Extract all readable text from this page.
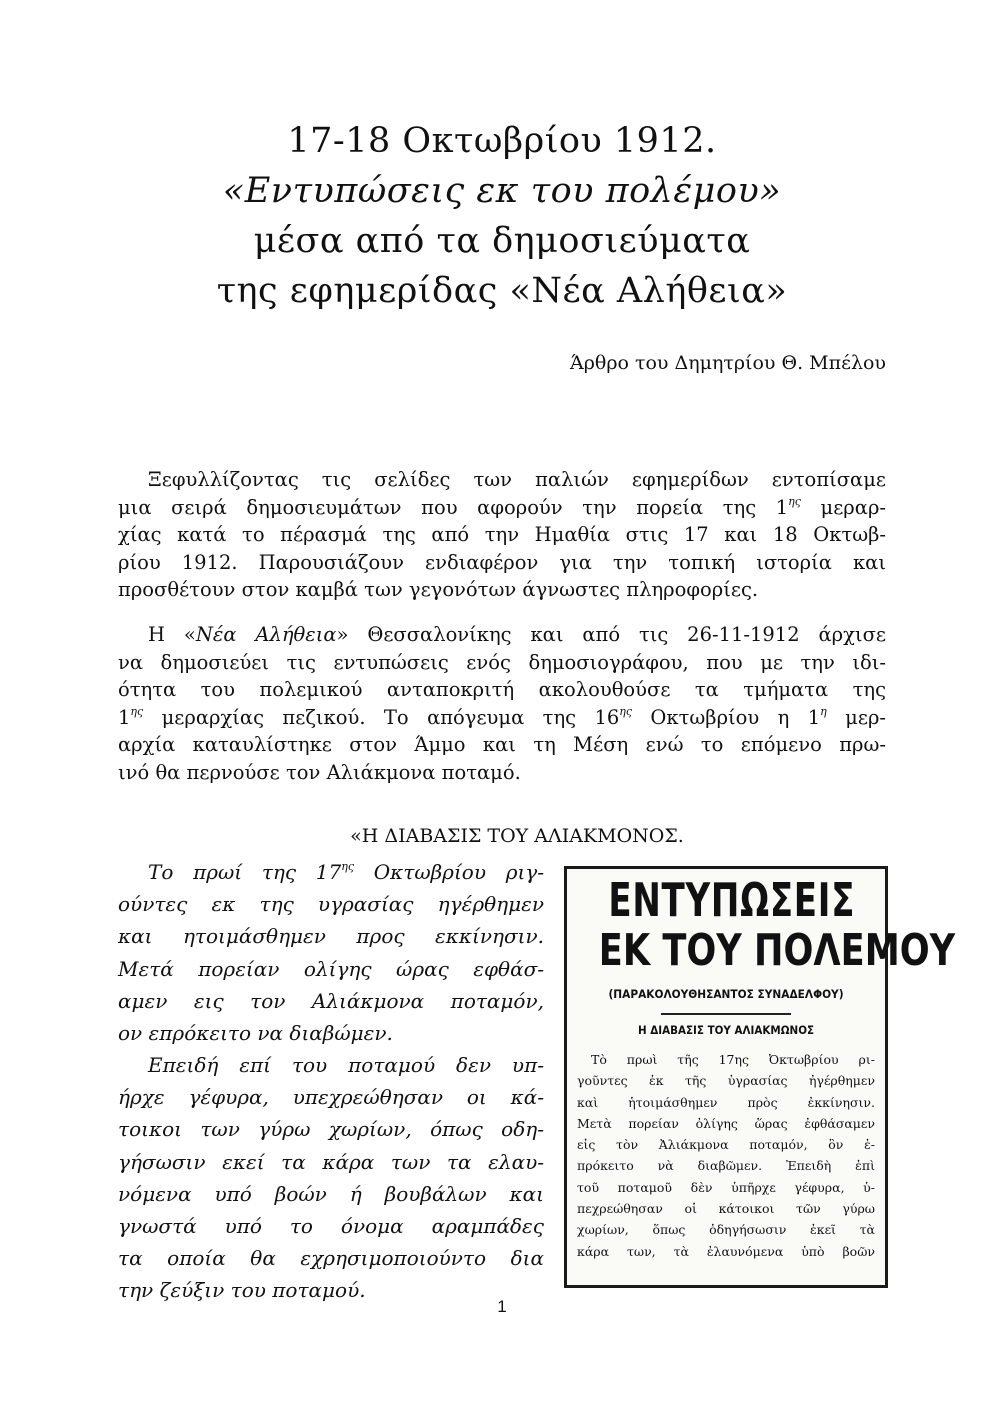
17-18 Οκτωβρίου 1912.
«Εντυπώσεις εκ του πολέμου»
μέσα από τα δημοσιεύματα
της εφημερίδας «Νέα Αλήθεια»
Άρθρο του Δημητρίου Θ. Μπέλου
Ξεφυλλίζοντας τις σελίδες των παλιών εφημερίδων εντοπίσαμε
μια σειρά δημοσιευμάτων που αφορούν την πορεία της $1^{\eta\varsigma}$ μεραρ-
χίας κατά το πέρασμά της από την Ημαθία στις 17 και 18 Οκτωβ-
ρίου 1912. Παρουσιάζουν ενδιαφέρον για την τοπική ιστορία και
προσθέτουν στον καμβά των γεγονότων άγνωστες πληροφορίες.
Η «Νέα Αλήθεια» Θεσσαλονίκης και από τις 26-11-1912 άρχισε
να δημοσιεύει τις εντυπώσεις ενός δημοσιογράφου, που με την ιδι-
ότητα του πολεμικού ανταποκριτή ακολουθούσε τα τμήματα της
$1^{\eta\varsigma}$ μεραρχίας πεζικού. Το απόγευμα της $16^{\eta\varsigma}$ Οκτωβρίου η $1^\eta$ μερ-
αρχία καταυλίστηκε στον Άμμο και τη Μέση ενώ το επόμενο πρω-
ινό θα περνούσε τον Αλιάκμονα ποταμό.
«Η ΔΙΑΒΑΣΙΣ ΤΟΥ ΑΛΙΑΚΜΟΝΟΣ.
Το πρωί της $17^{\eta\varsigma}$ Οκτωβρίου ριγ-
ούντες εκ της υγρασίας ηγέρθημεν
και ητοιμάσθημεν προς εκκίνησιν.
Μετά πορείαν ολίγης ώρας εφθάσ-
αμεν εις τον Αλιάκμονα ποταμόν,
ον επρόκειτο να διαβώμεν.
Επειδή επί του ποταμού δεν υπ-
ήρχε γέφυρα, υπεχρεώθησαν οι κά-
τοικοι των γύρω χωρίων, όπως οδη-
γήσωσιν εκεί τα κάρα των τα ελαυ-
νόμενα υπό βοών ή βουβάλων και
γνωστά υπό το όνομα αραμπάδες
τα οποία θα εχρησιμοποιούντο δια
την ζεύξιν του ποταμού.
ΕΝΤΥΠΩΣΕΙΣ
ΕΚ ΤΟΥ ΠΟΛΕΜΟΥ
(ΠΑΡΑΚΟΛΟΥΘΗΣΑΝΤΟΣ ΣΥΝΑΔΕΛΦΟΥ)
Η ΔΙΑΒΑΣΙΣ ΤΟΥ ΑΛΙΑΚΜΩΝΟΣ
Τὸ πρωὶ τῆς 17ης Ὀκτωβρίου ρι-
γοῦντες ἐκ τῆς ὑγρασίας ἠγέρθημεν
καὶ ἡτοιμάσθημεν πρὸς ἐκκίνησιν.
Μετὰ πορείαν ὀλίγης ὥρας ἐφθάσαμεν
εἰς τὸν Ἀλιάκμονα ποταμόν, ὃν ἐ-
πρόκειτο νὰ διαβῶμεν. Ἐπειδὴ ἐπὶ
τοῦ ποταμοῦ δὲν ὑπῆρχε γέφυρα, ὑ-
πεχρεώθησαν οἱ κάτοικοι τῶν γύρω
χωρίων, ὅπως ὁδηγήσωσιν ἐκεῖ τὰ
κάρα των, τὰ ἐλαυνόμενα ὑπὸ βοῶν
1
